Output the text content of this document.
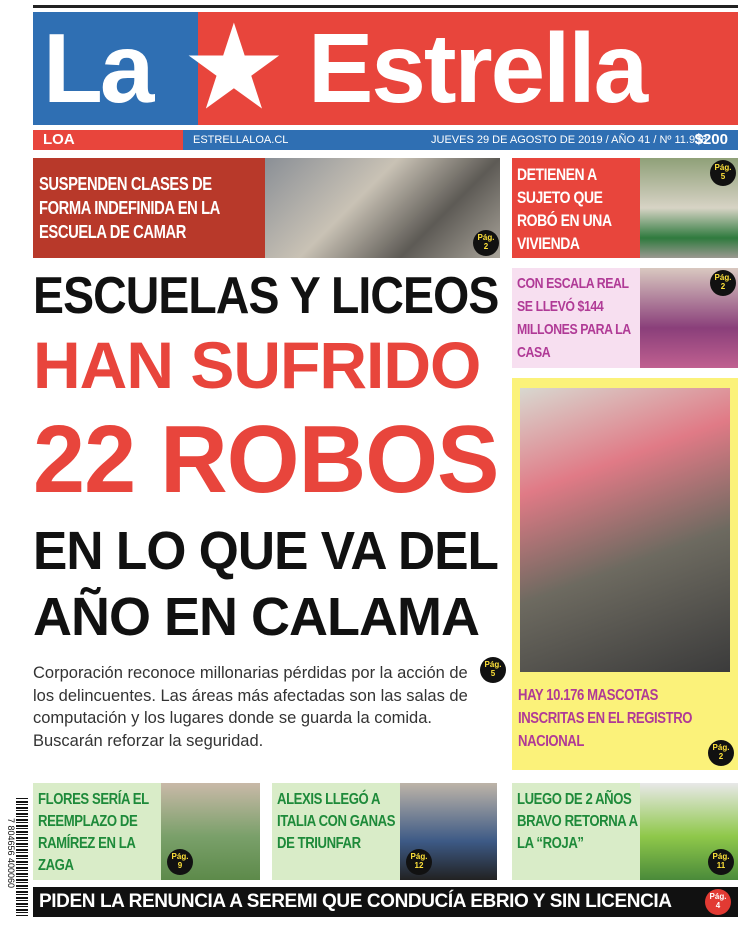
La ★ Estrella
LOA	ESTRELLALOA.CL	JUEVES 29 DE AGOSTO DE 2019 / AÑO 41 / Nº 11.938
$200
SUSPENDEN CLASES DE FORMA INDEFINIDA EN LA ESCUELA DE CAMAR	Pág.
2
DETIENEN A SUJETO QUE ROBÓ EN UNA VIVIENDA
Pág.
5
CON ESCALA REAL SE LLEVÓ $144 MILLONES PARA LA CASA
Pág.
2
ESCUELAS Y LICEOS
HAN SUFRIDO
22 ROBOS
EN LO QUE VA DEL
AÑO EN CALAMA
Corporación reconoce millonarias pérdidas por la acción de los delincuentes. Las áreas más afectadas son las salas de computación y los lugares donde se guarda la comida. Buscarán reforzar la seguridad.
Pág.
5
HAY 10.176 MASCOTAS INSCRITAS EN EL REGISTRO NACIONAL	Pág.
2
FLORES SERÍA EL REEMPLAZO DE RAMÍREZ EN LA ZAGA
Pág.
9
ALEXIS LLEGÓ A ITALIA CON GANAS DE TRIUNFAR
Pág.
12
LUEGO DE 2 AÑOS BRAVO RETORNA A LA “ROJA”
Pág.
11
PIDEN LA RENUNCIA A SEREMI QUE CONDUCÍA EBRIO Y SIN LICENCIA	Pág.
4
7 804656 400060
